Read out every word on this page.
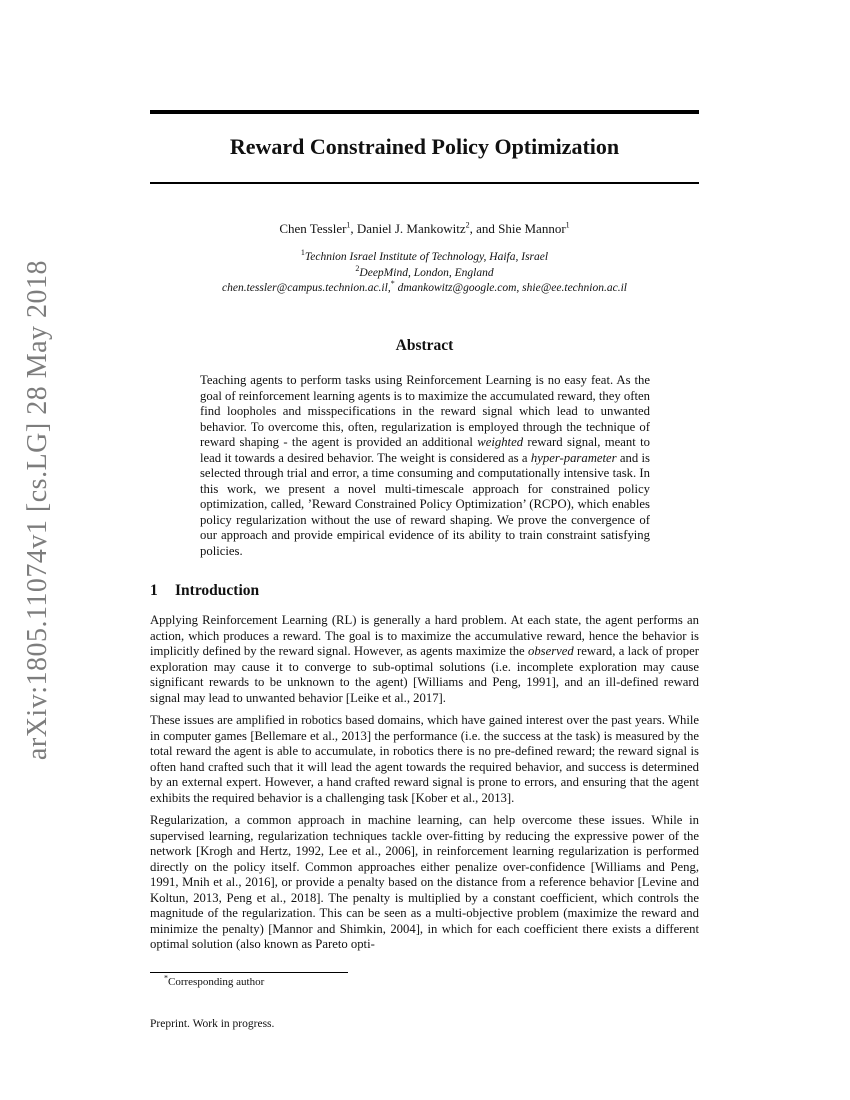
arXiv:1805.11074v1 [cs.LG] 28 May 2018
Reward Constrained Policy Optimization
Chen Tessler$^1$, Daniel J. Mankowitz$^2$, and Shie Mannor$^1$
$^1$Technion Israel Institute of Technology, Haifa, Israel
$^2$DeepMind, London, England
chen.tessler@campus.technion.ac.il,* dmankowitz@google.com, shie@ee.technion.ac.il
Abstract

Teaching agents to perform tasks using Reinforcement Learning is no easy feat. As the goal of reinforcement learning agents is to maximize the accumulated reward, they often find loopholes and misspecifications in the reward signal which lead to unwanted behavior. To overcome this, often, regularization is employed through the technique of reward shaping - the agent is provided an additional weighted reward signal, meant to lead it towards a desired behavior. The weight is considered as a hyper-parameter and is selected through trial and error, a time consuming and computationally intensive task. In this work, we present a novel multi-timescale approach for constrained policy optimization, called, ’Reward Constrained Policy Optimization’ (RCPO), which enables policy regularization without the use of reward shaping. We prove the convergence of our approach and provide empirical evidence of its ability to train constraint satisfying policies.

1 Introduction

Applying Reinforcement Learning (RL) is generally a hard problem. At each state, the agent performs an action, which produces a reward. The goal is to maximize the accumulative reward, hence the behavior is implicitly defined by the reward signal. However, as agents maximize the observed reward, a lack of proper exploration may cause it to converge to sub-optimal solutions (i.e. incomplete exploration may cause significant rewards to be unknown to the agent) [Williams and Peng, 1991], and an ill-defined reward signal may lead to unwanted behavior [Leike et al., 2017].

These issues are amplified in robotics based domains, which have gained interest over the past years. While in computer games [Bellemare et al., 2013] the performance (i.e. the success at the task) is measured by the total reward the agent is able to accumulate, in robotics there is no pre-defined reward; the reward signal is often hand crafted such that it will lead the agent towards the required behavior, and success is determined by an external expert. However, a hand crafted reward signal is prone to errors, and ensuring that the agent exhibits the required behavior is a challenging task [Kober et al., 2013].

Regularization, a common approach in machine learning, can help overcome these issues. While in supervised learning, regularization techniques tackle over-fitting by reducing the expressive power of the network [Krogh and Hertz, 1992, Lee et al., 2006], in reinforcement learning regularization is performed directly on the policy itself. Common approaches either penalize over-confidence [Williams and Peng, 1991, Mnih et al., 2016], or provide a penalty based on the distance from a reference behavior [Levine and Koltun, 2013, Peng et al., 2018]. The penalty is multiplied by a constant coefficient, which controls the magnitude of the regularization. This can be seen as a multi-objective problem (maximize the reward and minimize the penalty) [Mannor and Shimkin, 2004], in which for each coefficient there exists a different optimal solution (also known as Pareto opti-

*Corresponding author
Preprint. Work in progress.
